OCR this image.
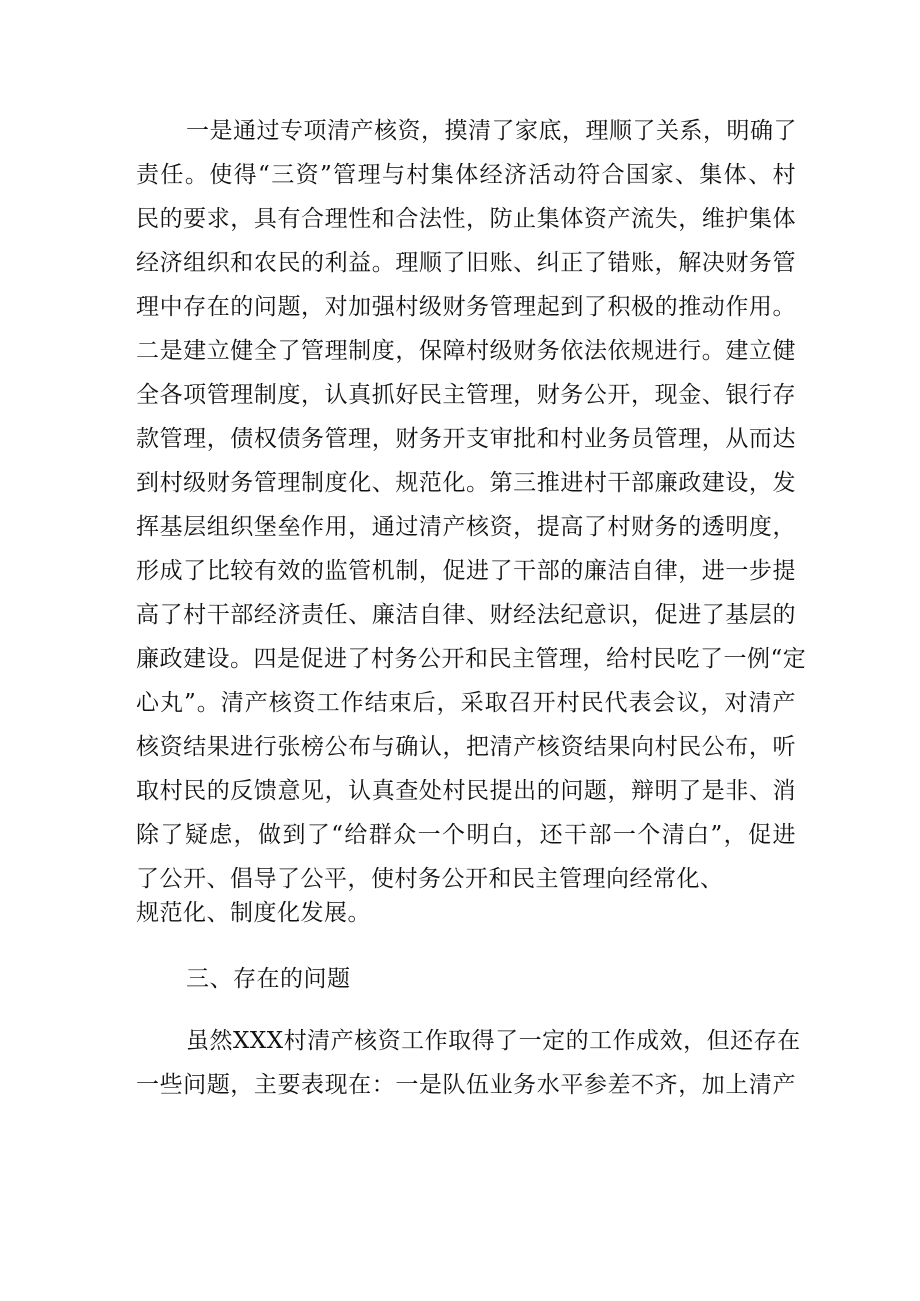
一是通过专项清产核资，摸清了家底，理顺了关系，明确了
责任。使得“三资”管理与村集体经济活动符合国家、集体、村
民的要求，具有合理性和合法性，防止集体资产流失，维护集体
经济组织和农民的利益。理顺了旧账、纠正了错账，解决财务管
理中存在的问题，对加强村级财务管理起到了积极的推动作用。
二是建立健全了管理制度，保障村级财务依法依规进行。建立健
全各项管理制度，认真抓好民主管理，财务公开，现金、银行存
款管理，债权债务管理，财务开支审批和村业务员管理，从而达
到村级财务管理制度化、规范化。第三推进村干部廉政建设，发
挥基层组织堡垒作用，通过清产核资，提高了村财务的透明度，
形成了比较有效的监管机制，促进了干部的廉洁自律，进一步提
高了村干部经济责任、廉洁自律、财经法纪意识，促进了基层的
廉政建设。四是促进了村务公开和民主管理，给村民吃了一例“定
心丸”。清产核资工作结束后，采取召开村民代表会议，对清产
核资结果进行张榜公布与确认，把清产核资结果向村民公布，听
取村民的反馈意见，认真查处村民提出的问题，辩明了是非、消
除了疑虑，做到了“给群众一个明白，还干部一个清白”，促进
了公开、倡导了公平，使村务公开和民主管理向经常化、
规范化、制度化发展。
三、存在的问题
虽然XXX村清产核资工作取得了一定的工作成效，但还存在
一些问题，主要表现在：一是队伍业务水平参差不齐，加上清产
